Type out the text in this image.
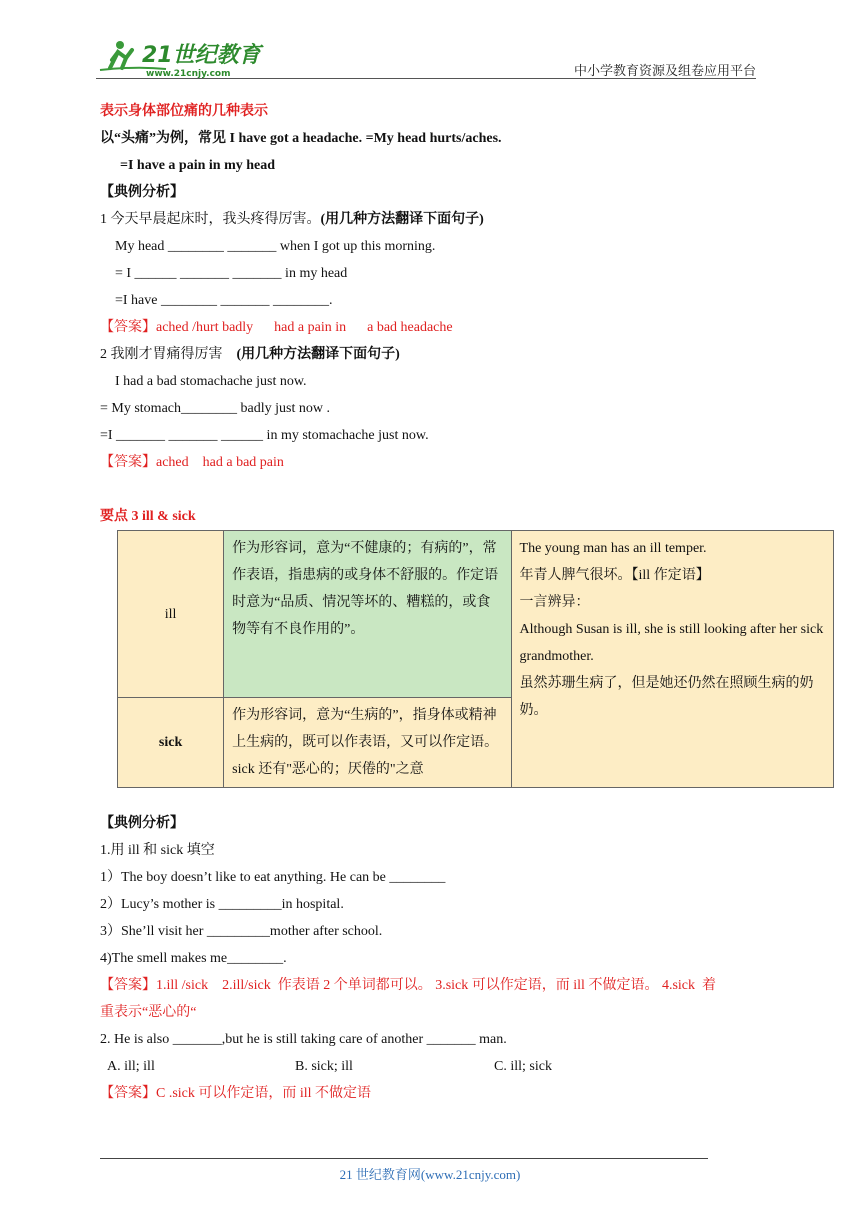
21世纪教育
www.21cnjy.com	中小学教育资源及组卷应用平台
表示身体部位痛的几种表示
以“头痛”为例，常见 I have got a headache. =My head hurts/aches.
=I have a pain in my head
【典例分析】
1 今天早晨起床时，我头疼得厉害。(用几种方法翻译下面句子)
My head ________ _______ when I got up this morning.
= I ______ _______ _______ in my head
=I have ________ _______ ________.
【答案】ached /hurt badly      had a pain in      a bad headache
2 我刚才胃痛得厉害 (用几种方法翻译下面句子)
I had a bad stomachache just now.
= My stomach________ badly just now .
=I _______ _______ ______ in my stomachache just now.
【答案】ached    had a bad pain
要点 3 ill & sick
ill	作为形容词，意为“不健康的；有病的”，常作表语，指患病的或身体不舒服的。作定语时意为“品质、情况等坏的、糟糕的，或食物等有不良作用的”。	The young man has an ill temper.
年青人脾气很坏。【ill 作定语】
一言辨异：
Although Susan is ill, she is still looking after her sick grandmother.
虽然苏珊生病了，但是她还仍然在照顾生病的奶奶。

sick	作为形容词，意为“生病的”，指身体或精神上生病的，既可以作表语，又可以作定语。sick 还有"恶心的；厌倦的"之意	
【典例分析】
1.用 ill 和 sick 填空
1）The boy doesn’t like to eat anything. He can be ________
2）Lucy’s mother is _________in hospital.
3）She’ll visit her _________mother after school.
4)The smell makes me________.
【答案】1.ill /sick    2.ill/sick  作表语 2 个单词都可以。 3.sick 可以作定语，而 ill 不做定语。 4.sick  着
重表示“恶心的“
2. He is also _______,but he is still taking care of another _______ man.
A. ill; ill	B. sick; ill	C. ill; sick
【答案】C .sick 可以作定语，而 ill 不做定语
21 世纪教育网(www.21cnjy.com)
